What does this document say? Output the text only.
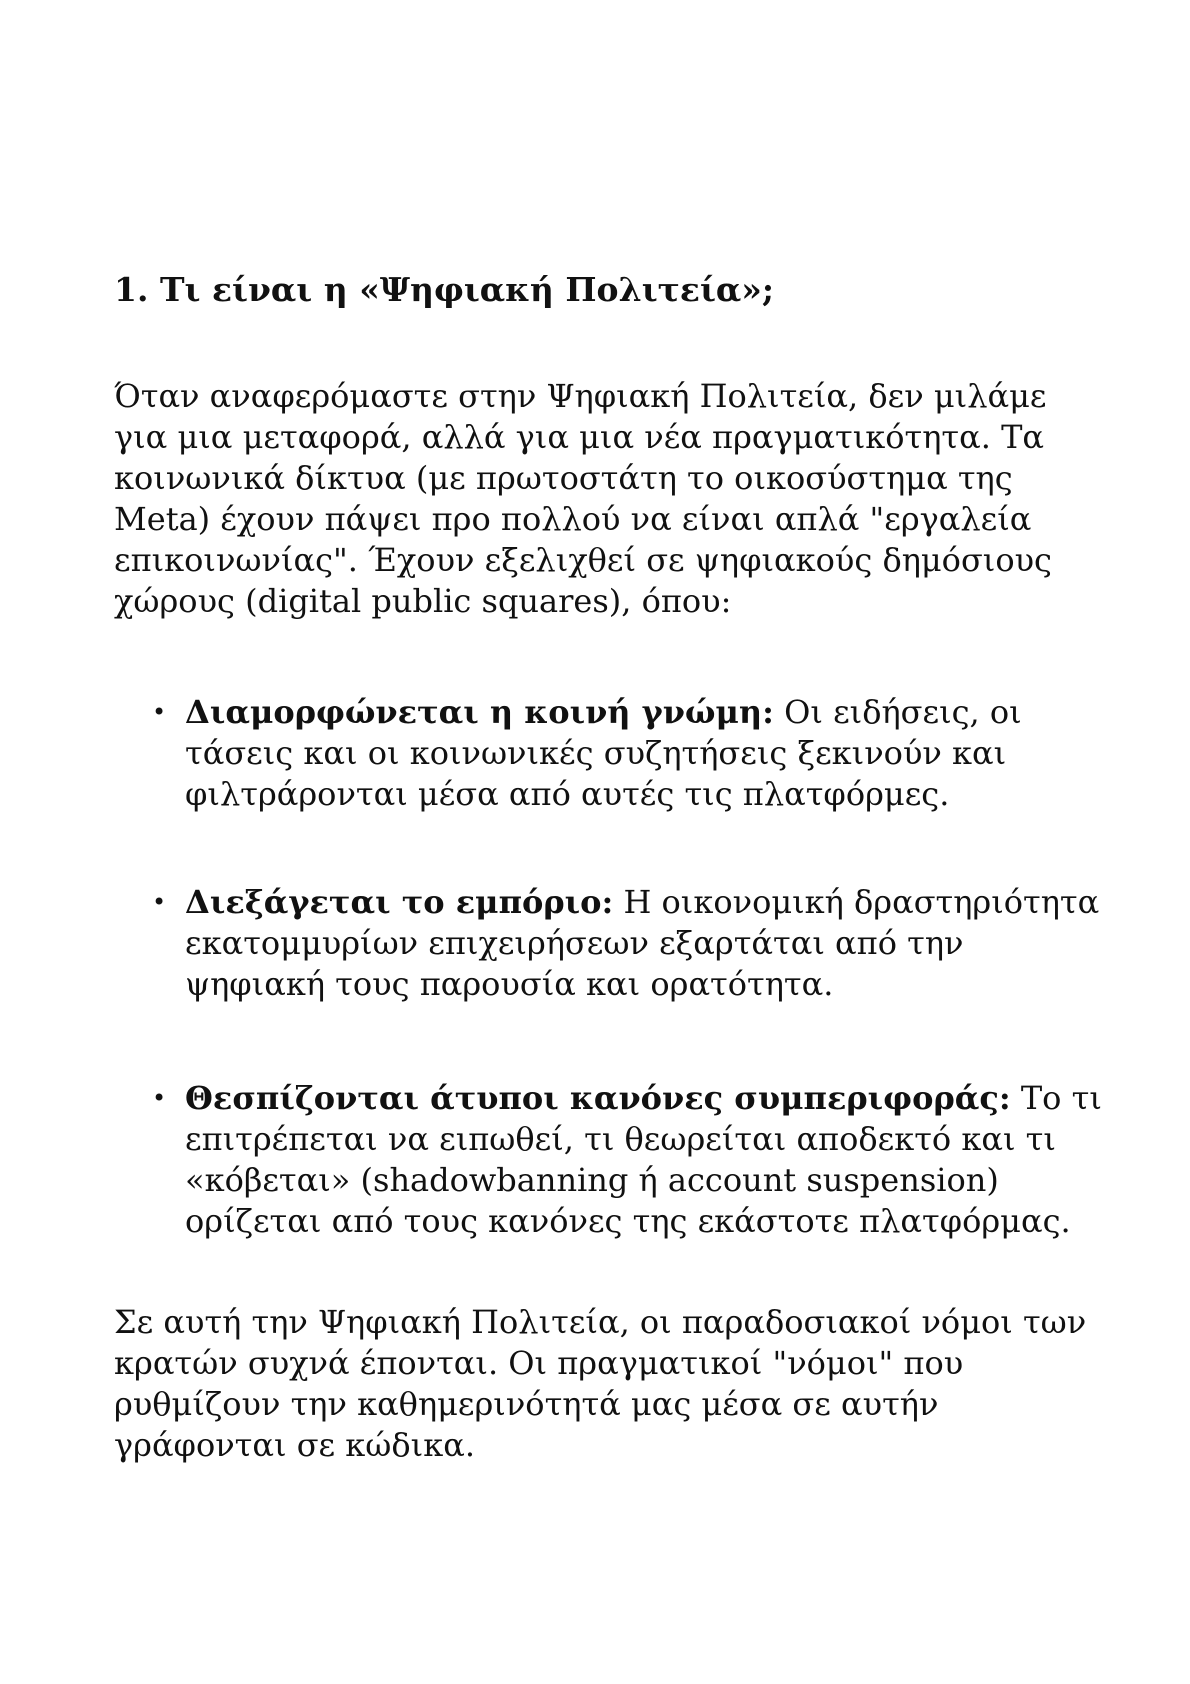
1. Τι είναι η «Ψηφιακή Πολιτεία»;

Όταν αναφερόμαστε στην Ψηφιακή Πολιτεία, δεν μιλάμε
για μια μεταφορά, αλλά για μια νέα πραγματικότητα. Τα
κοινωνικά δίκτυα (με πρωτοστάτη το οικοσύστημα της
Meta) έχουν πάψει προ πολλού να είναι απλά "εργαλεία
επικοινωνίας". Έχουν εξελιχθεί σε ψηφιακούς δημόσιους
χώρους (digital public squares), όπου:

• Διαμορφώνεται η κοινή γνώμη: Οι ειδήσεις, οι
τάσεις και οι κοινωνικές συζητήσεις ξεκινούν και
φιλτράρονται μέσα από αυτές τις πλατφόρμες.
• Διεξάγεται το εμπόριο: Η οικονομική δραστηριότητα
εκατομμυρίων επιχειρήσεων εξαρτάται από την
ψηφιακή τους παρουσία και ορατότητα.
• Θεσπίζονται άτυποι κανόνες συμπεριφοράς: Το τι
επιτρέπεται να ειπωθεί, τι θεωρείται αποδεκτό και τι
«κόβεται» (shadowbanning ή account suspension)
ορίζεται από τους κανόνες της εκάστοτε πλατφόρμας.

Σε αυτή την Ψηφιακή Πολιτεία, οι παραδοσιακοί νόμοι των
κρατών συχνά έπονται. Οι πραγματικοί "νόμοι" που
ρυθμίζουν την καθημερινότητά μας μέσα σε αυτήν
γράφονται σε κώδικα.
